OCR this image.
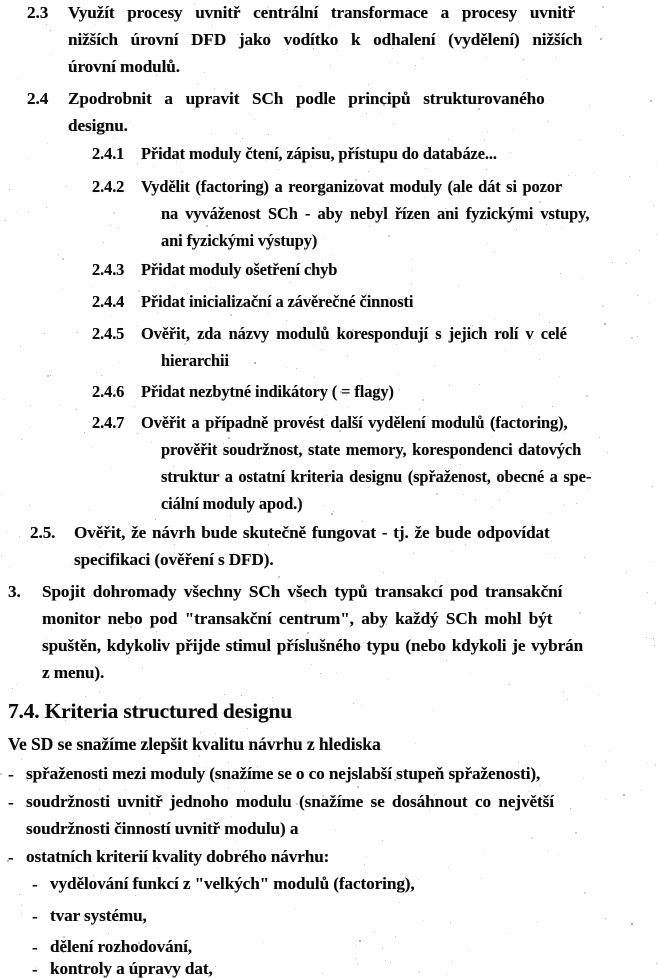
2.3 Využít procesy uvnitř centrální transformace a procesy uvnitř
nižších úrovní DFD jako vodítko k odhalení (vydělení) nižších
úrovní modulů.
2.4 Zpodrobnit a upravit SCh podle principů strukturovaného
designu.
2.4.1 Přidat moduly čtení, zápisu, přístupu do databáze...
2.4.2 Vydělit (factoring) a reorganizovat moduly (ale dát si pozor
na vyváženost SCh - aby nebyl řízen ani fyzickými vstupy,
ani fyzickými výstupy)
2.4.3 Přidat moduly ošetření chyb
2.4.4 Přidat inicializační a závěrečné činnosti
2.4.5 Ověřit, zda názvy modulů korespondují s jejich rolí v celé
hierarchii
2.4.6 Přidat nezbytné indikátory ( = flagy)
2.4.7 Ověřit a případně provést další vydělení modulů (factoring),
prověřit soudržnost, state memory, korespondenci datových
struktur a ostatní kriteria designu (spřaženost, obecné a spe-
ciální moduly apod.)
2.5. Ověřit, že návrh bude skutečně fungovat - tj. že bude odpovídat
specifikaci (ověření s DFD).
3. Spojit dohromady všechny SCh všech typů transakcí pod transakční
monitor nebo pod "transakční centrum", aby každý SCh mohl být
spuštěn, kdykoliv přijde stimul příslušného typu (nebo kdykoli je vybrán
z menu).
7.4. Kriteria structured designu
Ve SD se snažíme zlepšit kvalitu návrhu z hlediska
- spřaženosti mezi moduly (snažíme se o co nejslabší stupeň spřaženosti),
- soudržnosti uvnitř jednoho modulu (snažíme se dosáhnout co největší
soudržnosti činností uvnitř modulu) a
- ostatních kriterií kvality dobrého návrhu:
- vydělování funkcí z "velkých" modulů (factoring),
- tvar systému,
- dělení rozhodování,
- kontroly a úpravy dat,
